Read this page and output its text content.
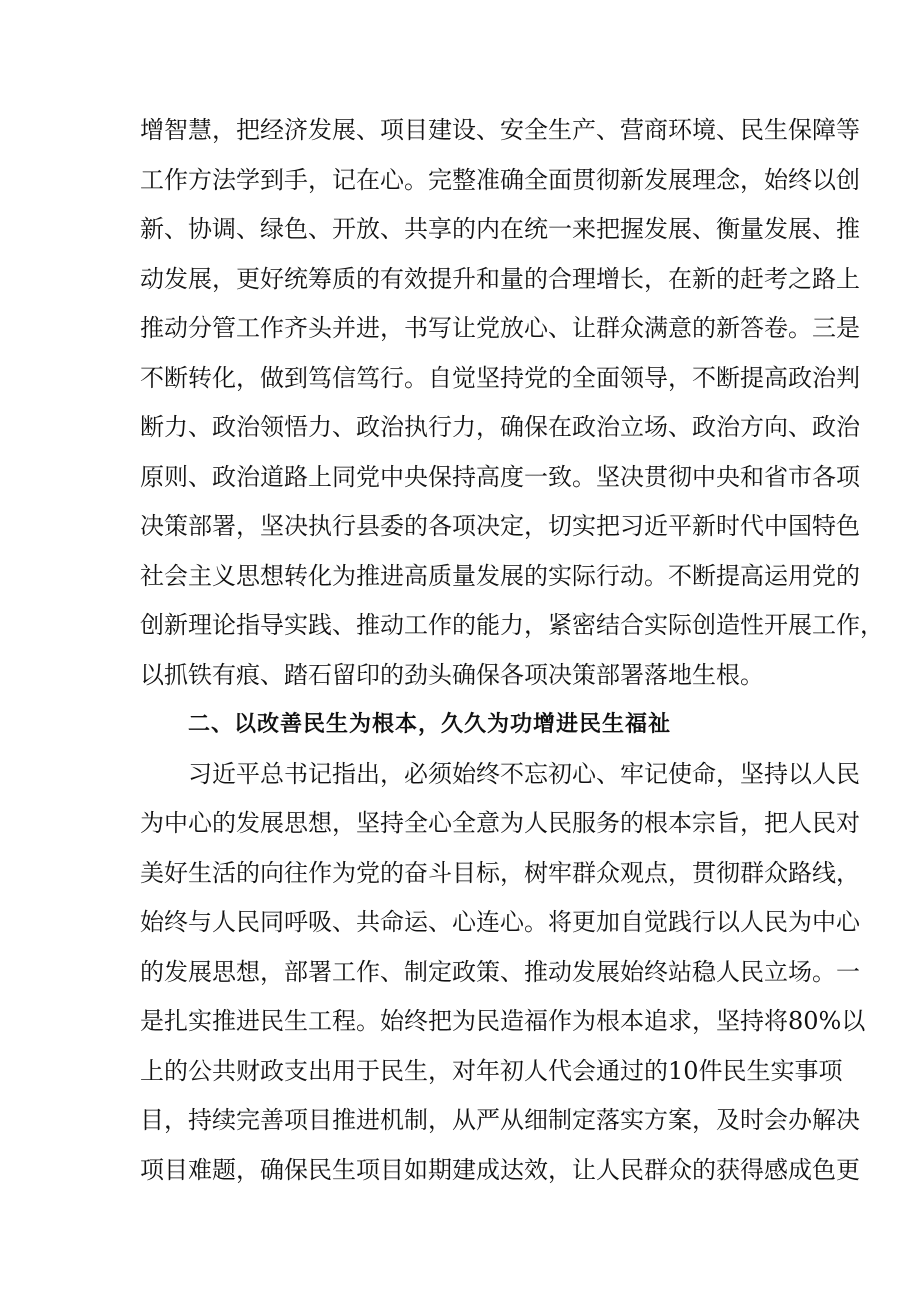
增智慧，把经济发展、项目建设、安全生产、营商环境、民生保障等
工作方法学到手，记在心。完整准确全面贯彻新发展理念，始终以创
新、协调、绿色、开放、共享的内在统一来把握发展、衡量发展、推
动发展，更好统筹质的有效提升和量的合理增长，在新的赶考之路上
推动分管工作齐头并进，书写让党放心、让群众满意的新答卷。三是
不断转化，做到笃信笃行。自觉坚持党的全面领导，不断提高政治判
断力、政治领悟力、政治执行力，确保在政治立场、政治方向、政治
原则、政治道路上同党中央保持高度一致。坚决贯彻中央和省市各项
决策部署，坚决执行县委的各项决定，切实把习近平新时代中国特色
社会主义思想转化为推进高质量发展的实际行动。不断提高运用党的
创新理论指导实践、推动工作的能力，紧密结合实际创造性开展工作，
以抓铁有痕、踏石留印的劲头确保各项决策部署落地生根。
二、以改善民生为根本，久久为功增进民生福祉
习近平总书记指出，必须始终不忘初心、牢记使命，坚持以人民
为中心的发展思想，坚持全心全意为人民服务的根本宗旨，把人民对
美好生活的向往作为党的奋斗目标，树牢群众观点，贯彻群众路线，
始终与人民同呼吸、共命运、心连心。将更加自觉践行以人民为中心
的发展思想，部署工作、制定政策、推动发展始终站稳人民立场。一
是扎实推进民生工程。始终把为民造福作为根本追求，坚持将80%以
上的公共财政支出用于民生，对年初人代会通过的10件民生实事项
目，持续完善项目推进机制，从严从细制定落实方案，及时会办解决
项目难题，确保民生项目如期建成达效，让人民群众的获得感成色更
